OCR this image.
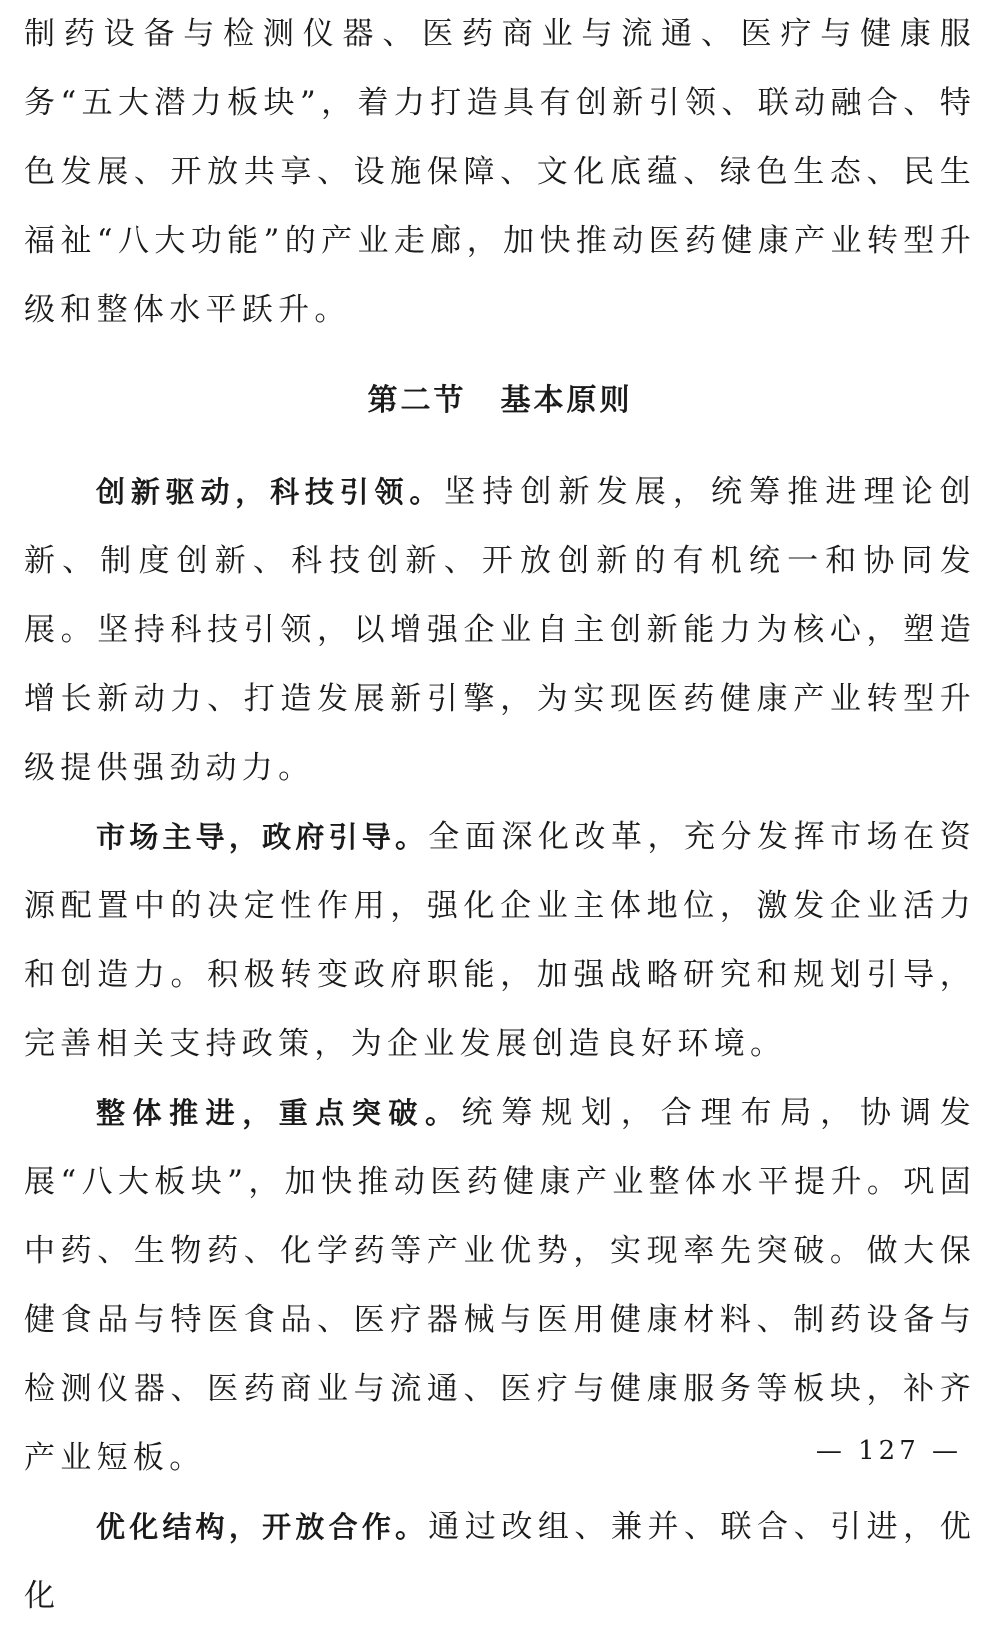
制药设备与检测仪器、医药商业与流通、医疗与健康服务“五大潜力板块”，着力打造具有创新引领、联动融合、特色发展、开放共享、设施保障、文化底蕴、绿色生态、民生福祉“八大功能”的产业走廊，加快推动医药健康产业转型升级和整体水平跃升。

第二节 基本原则

创新驱动，科技引领。坚持创新发展，统筹推进理论创新、制度创新、科技创新、开放创新的有机统一和协同发展。坚持科技引领，以增强企业自主创新能力为核心，塑造增长新动力、打造发展新引擎，为实现医药健康产业转型升级提供强劲动力。

市场主导，政府引导。全面深化改革，充分发挥市场在资源配置中的决定性作用，强化企业主体地位，激发企业活力和创造力。积极转变政府职能，加强战略研究和规划引导，完善相关支持政策，为企业发展创造良好环境。

整体推进，重点突破。统筹规划，合理布局，协调发展“八大板块”，加快推动医药健康产业整体水平提升。巩固中药、生物药、化学药等产业优势，实现率先突破。做大保健食品与特医食品、医疗器械与医用健康材料、制药设备与检测仪器、医药商业与流通、医疗与健康服务等板块，补齐产业短板。

优化结构，开放合作。通过改组、兼并、联合、引进，优化

— 127 —
